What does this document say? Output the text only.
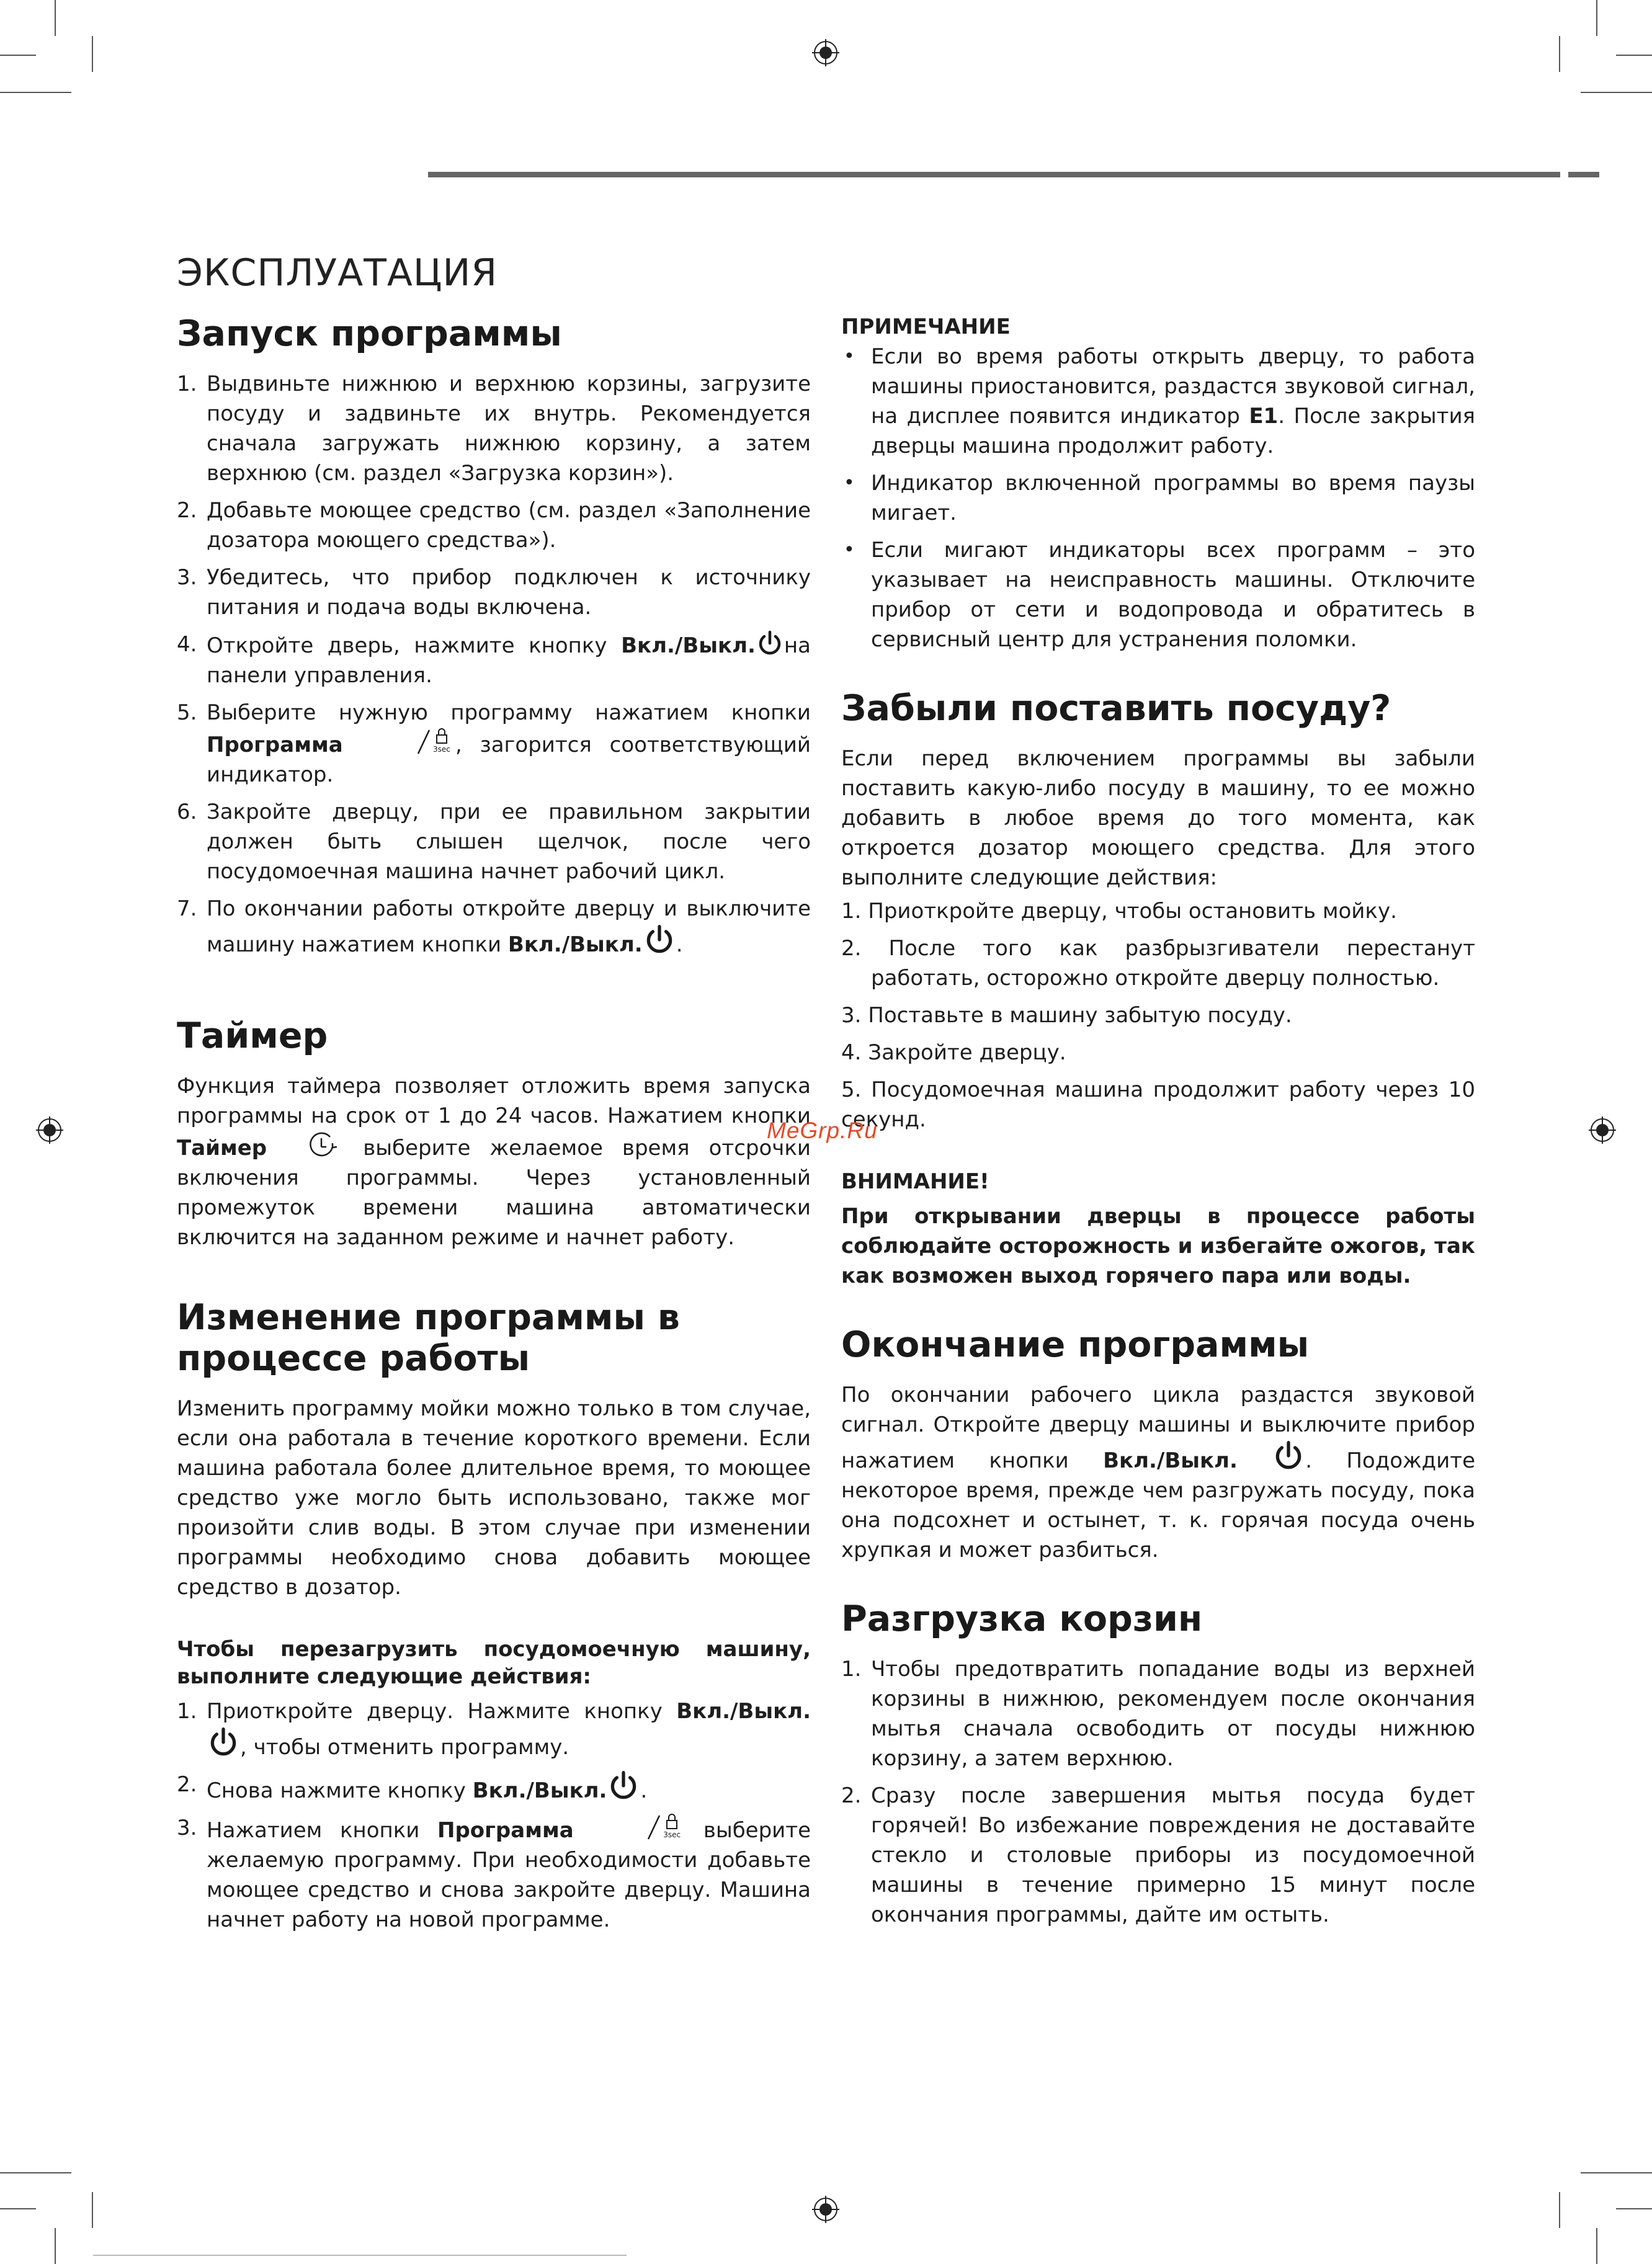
ЭКСПЛУАТАЦИЯ
Запуск программы
1. Выдвиньте нижнюю и верхнюю корзины, загрузите посуду и задвиньте их внутрь. Рекомендуется сначала загружать нижнюю корзину, а затем верхнюю (см. раздел «Загрузка корзин»).
2. Добавьте моющее средство (см. раздел «Заполнение дозатора моющего средства»).
3. Убедитесь, что прибор подключен к источнику питания и подача воды включена.
4. Откройте дверь, нажмите кнопку Вкл./Выкл. на панели управления.
5. Выберите нужную программу нажатием кнопки Программа	3sec , загорится соответствующий индикатор.
6. Закройте дверцу, при ее правильном закрытии должен быть слышен щелчок, после чего посудомоечная машина начнет рабочий цикл.
7. По окончании работы откройте дверцу и выключите машину нажатием кнопки Вкл./Выкл. .
Таймер

Функция таймера позволяет отложить время запуска программы на срок от 1 до 24 часов. Нажатием кнопки Таймер	выберите желаемое время отсрочки включения программы. Через установленный промежуток времени машина автоматически включится на заданном режиме и начнет работу.

Изменение программы в процессе работы

Изменить программу мойки можно только в том случае, если она работала в течение короткого времени. Если машина работала более длительное время, то моющее средство уже могло быть использовано, также мог произойти слив воды. В этом случае при изменении программы необходимо снова добавить моющее средство в дозатор.

Чтобы перезагрузить посудомоечную машину, выполните следующие действия:

1. Приоткройте дверцу. Нажмите кнопку Вкл./Выкл., чтобы отменить программу.
2. Снова нажмите кнопку Вкл./Выкл. .
3. Нажатием кнопки Программа	3sec выберите желаемую программу. При необходимости добавьте моющее средство и снова закройте дверцу. Машина начнет работу на новой программе.

ПРИМЕЧАНИЕ

• Если во время работы открыть дверцу, то работа машины приостановится, раздастся звуковой сигнал, на дисплее появится индикатор E1. После закрытия дверцы машина продолжит работу.
• Индикатор включенной программы во время паузы мигает.
• Если мигают индикаторы всех программ – это указывает на неисправность машины. Отключите прибор от сети и водопровода и обратитесь в сервисный центр для устранения поломки.
Забыли поставить посуду?

Если перед включением программы вы забыли поставить какую-либо посуду в машину, то ее можно добавить в любое время до того момента, как откроется дозатор моющего средства. Для этого выполните следующие действия:

1. Приоткройте дверцу, чтобы остановить мойку.
2. После того как разбрызгиватели перестанут работать, осторожно откройте дверцу полностью.
3. Поставьте в машину забытую посуду.
4. Закройте дверцу.
5. Посудомоечная машина продолжит работу через 10 секунд.

ВНИМАНИЕ!

При открывании дверцы в процессе работы соблюдайте осторожность и избегайте ожогов, так как возможен выход горячего пара или воды.

Окончание программы

По окончании рабочего цикла раздастся звуковой сигнал. Откройте дверцу машины и выключите прибор нажатием кнопки Вкл./Выкл.	. Подождите некоторое время, прежде чем разгружать посуду, пока она подсохнет и остынет, т. к. горячая посуда очень хрупкая и может разбиться.

Разгрузка корзин
1. Чтобы предотвратить попадание воды из верхней корзины в нижнюю, рекомендуем после окончания мытья сначала освободить от посуды нижнюю корзину, а затем верхнюю.
2. Сразу после завершения мытья посуда будет горячей! Во избежание повреждения не доставайте стекло и столовые приборы из посудомоечной машины в течение примерно 15 минут после окончания программы, дайте им остыть.
MeGrp.Ru
